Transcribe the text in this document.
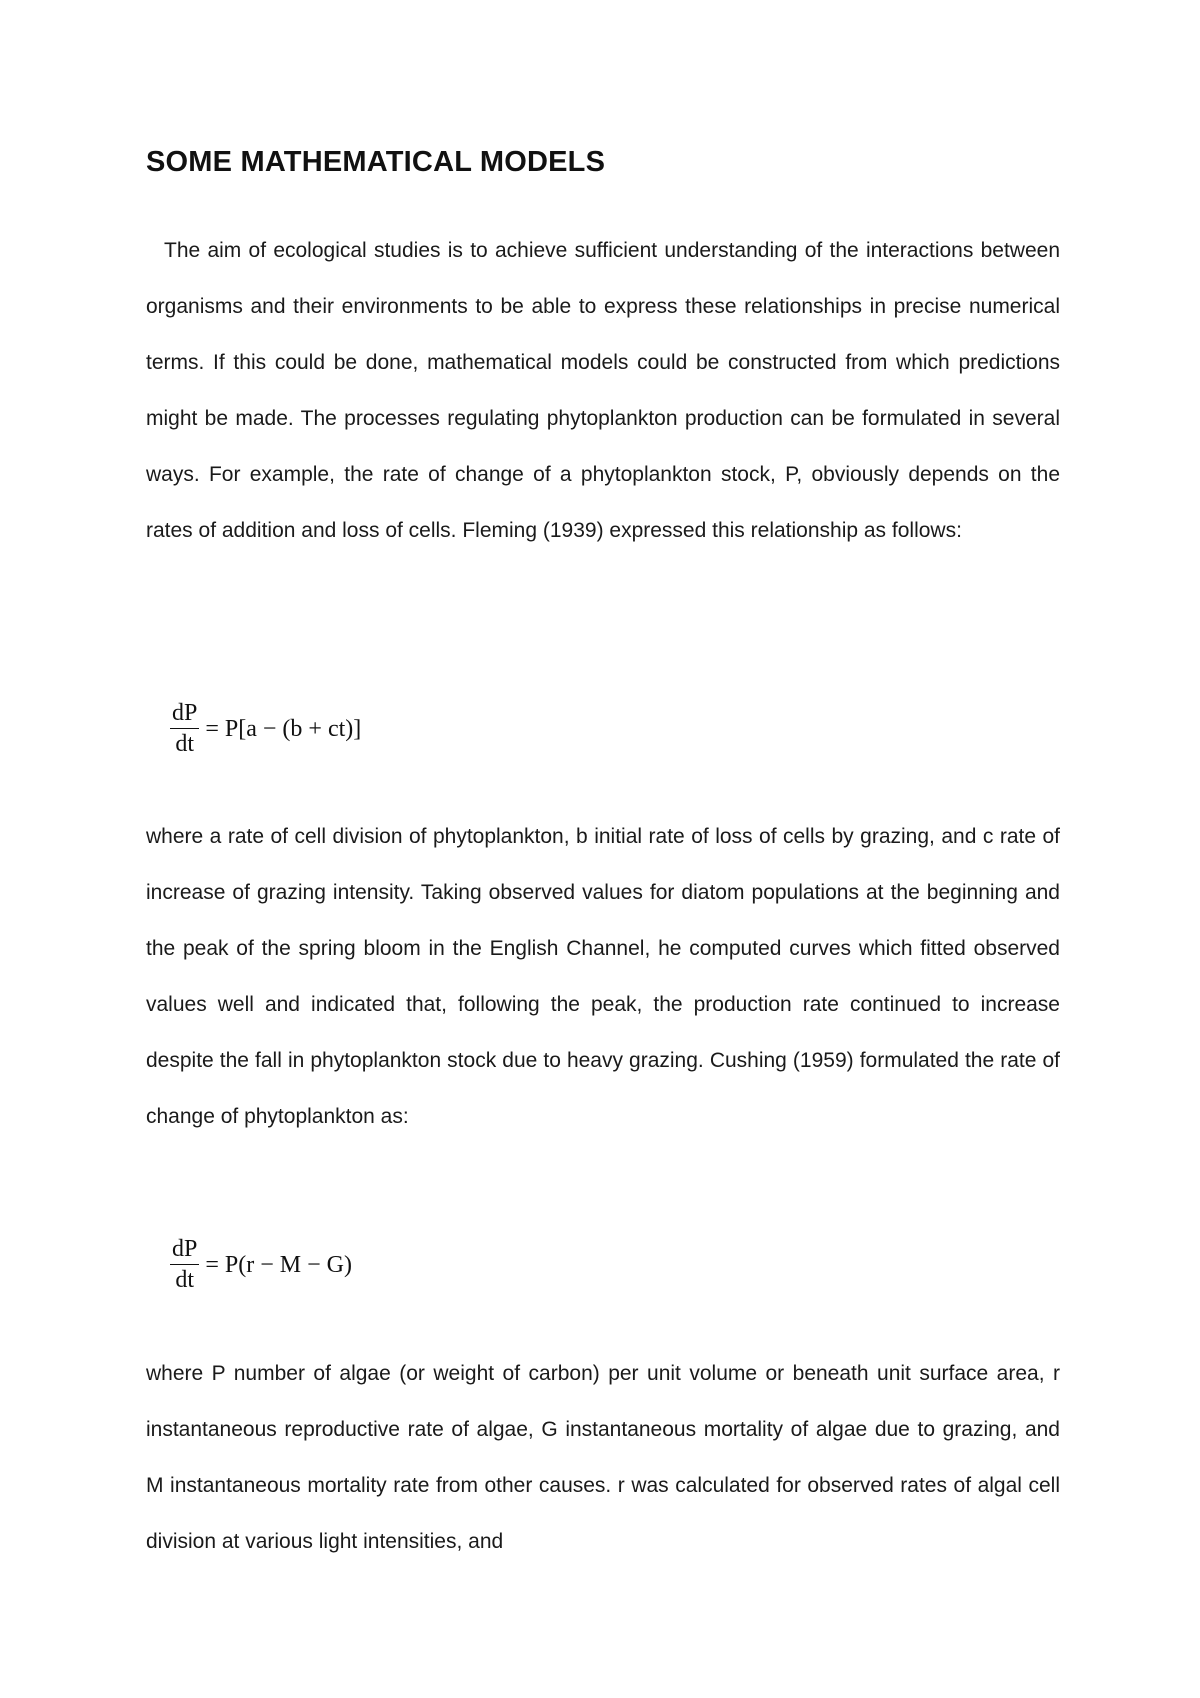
SOME MATHEMATICAL MODELS

The aim of ecological studies is to achieve sufficient understanding of the interactions between organisms and their environments to be able to express these relationships in precise numerical terms. If this could be done, mathematical models could be constructed from which predictions might be made. The processes regulating phytoplankton production can be formulated in several ways. For example, the rate of change of a phytoplankton stock, P, obviously depends on the rates of addition and loss of cells. Fleming (1939) expressed this relationship as follows:

$\frac{dP}{dt} = P[a - (b + ct)]$

where a rate of cell division of phytoplankton, b initial rate of loss of cells by grazing, and c rate of increase of grazing intensity. Taking observed values for diatom populations at the beginning and the peak of the spring bloom in the English Channel, he computed curves which fitted observed values well and indicated that, following the peak, the production rate continued to increase despite the fall in phytoplankton stock due to heavy grazing. Cushing (1959) formulated the rate of change of phytoplankton as:

$\frac{dP}{dt} = P(r - M - G)$

where P number of algae (or weight of carbon) per unit volume or beneath unit surface area, r instantaneous reproductive rate of algae, G instantaneous mortality of algae due to grazing, and M instantaneous mortality rate from other causes. r was calculated for observed rates of algal cell division at various light intensities, and
